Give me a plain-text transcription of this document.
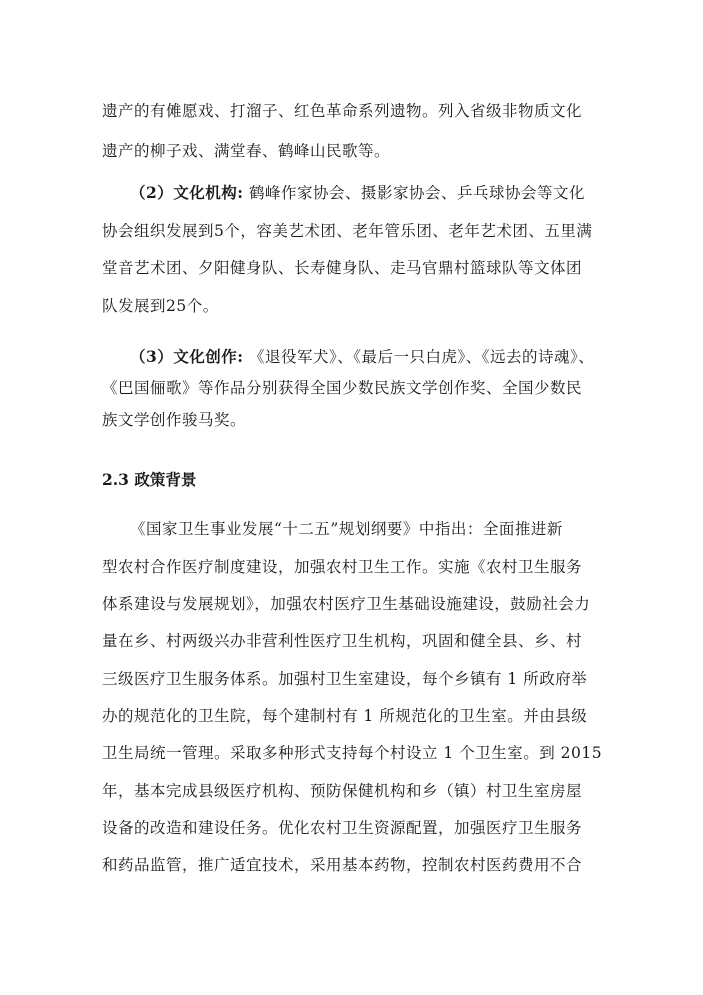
遗产的有傩愿戏、打溜子、红色革命系列遗物。列入省级非物质文化
遗产的柳子戏、满堂春、鹤峰山民歌等。
（2）文化机构: 鹤峰作家协会、摄影家协会、乒乓球协会等文化
协会组织发展到5个，容美艺术团、老年管乐团、老年艺术团、五里满
堂音艺术团、夕阳健身队、长寿健身队、走马官鼎村篮球队等文体团
队发展到25个。
（3）文化创作: 《退役军犬》、《最后一只白虎》、《远去的诗魂》、
《巴国俪歌》等作品分别获得全国少数民族文学创作奖、全国少数民
族文学创作骏马奖。
2.3 政策背景
《国家卫生事业发展“十二五”规划纲要》中指出：全面推进新
型农村合作医疗制度建设，加强农村卫生工作。实施《农村卫生服务
体系建设与发展规划》，加强农村医疗卫生基础设施建设，鼓励社会力
量在乡、村两级兴办非营利性医疗卫生机构，巩固和健全县、乡、村
三级医疗卫生服务体系。加强村卫生室建设，每个乡镇有 1 所政府举
办的规范化的卫生院，每个建制村有 1 所规范化的卫生室。并由县级
卫生局统一管理。采取多种形式支持每个村设立 1 个卫生室。到 2015
年，基本完成县级医疗机构、预防保健机构和乡（镇）村卫生室房屋
设备的改造和建设任务。优化农村卫生资源配置，加强医疗卫生服务
和药品监管，推广适宜技术，采用基本药物，控制农村医药费用不合
